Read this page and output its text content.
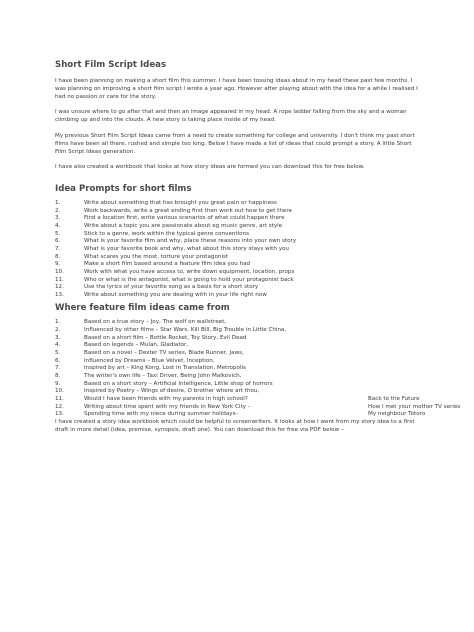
Short Film Script Ideas

I have been planning on making a short film this summer. I have been tossing ideas about in my head these past few months. I was planning on improving a short film script I wrote a year ago. However after playing about with the idea for a while I realised I had no passion or care for the story.

I was unsure where to go after that and then an image appeared in my head. A rope ladder falling from the sky and a woman climbing up and into the clouds. A new story is taking place inside of my head.

My previous Short Film Script Ideas came from a need to create something for college and university. I don't think my past short films have been all there, rushed and simple too long. Below I have made a list of ideas that could prompt a story. A little Short Film Script Ideas generation.

I have also created a workbook that looks at how story ideas are formed you can download this for free below.

Idea Prompts for short films
1.	Write about something that has brought you great pain or happiness
2.	Work backwards, write a great ending first then work out how to get there
3.	Find a location first, write various scenarios of what could happen there
4.	Write about a topic you are passionate about eg music genre, art style
5.	Stick to a genre, work within the typical genre conventions
6.	What is your favorite film and why, place these reasons into your own story
7.	What is your favorite book and why, what about this story stays with you
8.	What scares you the most, torture your protagonist
9.	Make a short film based around a feature film idea you had
10.	Work with what you have access to, write down equipment, location, props
11.	Who or what is the antagonist, what is going to hold your protagonist back
12.	Use the lyrics of your favorite song as a basis for a short story
13.	Write about something you are dealing with in your life right now
Where feature film ideas came from
1.	Based on a true story – Joy, The wolf on wallstreet,
2.	Influenced by other films – Star Wars, Kill Bill, Big Trouble in Little China,
3.	Based on a short film – Bottle Rocket, Toy Story, Evil Dead
4.	Based on legends – Mulan, Gladiator,
5.	Based on a novel – Dexter TV series, Blade Runner, Jaws,
6.	Influenced by Dreams – Blue Velvet, Inception,
7.	Inspired by art – King Kong, Lost in Translation, Metropolis
8.	The writer's own life – Taxi Driver, Being John Malkovich,
9.	Based on a short story – Artificial Intelligence, Little shop of horrors
10.	Inspired by Poetry – Wings of desire, O brother where art thou,
11.	Would I have been friends with my parents in high school?	Back to the Future
12.	Writing about time spent with my friends in New York City –	How I met your mother TV series
13.	Spending time with my niece during summer holidays–	My neighbour Totoro

I have created a story idea workbook which could be helpful to screenwriters. It looks at how I went from my story idea to a first draft in more detail (idea, premise, synopsis, draft one). You can download this for free via PDF below –
